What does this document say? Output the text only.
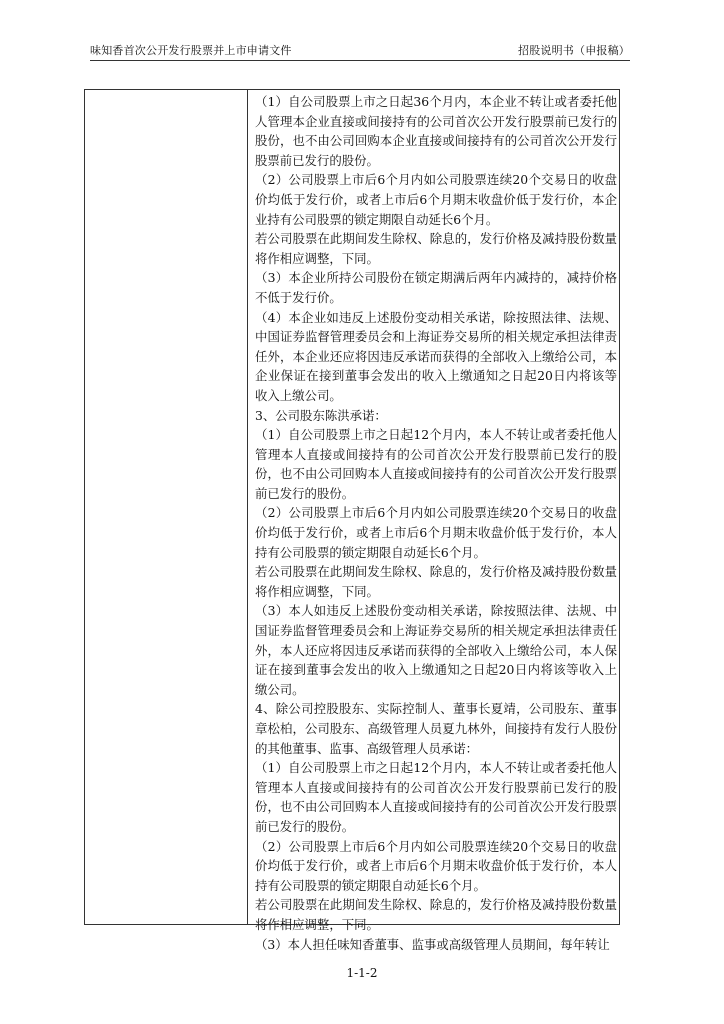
味知香首次公开发行股票并上市申请文件	招股说明书（申报稿）

（1）自公司股票上市之日起36个月内，本企业不转让或者委托他人管理本企业直接或间接持有的公司首次公开发行股票前已发行的股份，也不由公司回购本企业直接或间接持有的公司首次公开发行股票前已发行的股份。

（2）公司股票上市后6个月内如公司股票连续20个交易日的收盘价均低于发行价，或者上市后6个月期末收盘价低于发行价，本企业持有公司股票的锁定期限自动延长6个月。

若公司股票在此期间发生除权、除息的，发行价格及减持股份数量将作相应调整，下同。

（3）本企业所持公司股份在锁定期满后两年内减持的，减持价格不低于发行价。

（4）本企业如违反上述股份变动相关承诺，除按照法律、法规、中国证券监督管理委员会和上海证券交易所的相关规定承担法律责任外，本企业还应将因违反承诺而获得的全部收入上缴给公司，本企业保证在接到董事会发出的收入上缴通知之日起20日内将该等收入上缴公司。

3、公司股东陈洪承诺：

（1）自公司股票上市之日起12个月内，本人不转让或者委托他人管理本人直接或间接持有的公司首次公开发行股票前已发行的股份，也不由公司回购本人直接或间接持有的公司首次公开发行股票前已发行的股份。

（2）公司股票上市后6个月内如公司股票连续20个交易日的收盘价均低于发行价，或者上市后6个月期末收盘价低于发行价，本人持有公司股票的锁定期限自动延长6个月。

若公司股票在此期间发生除权、除息的，发行价格及减持股份数量将作相应调整，下同。

（3）本人如违反上述股份变动相关承诺，除按照法律、法规、中国证券监督管理委员会和上海证券交易所的相关规定承担法律责任外，本人还应将因违反承诺而获得的全部收入上缴给公司，本人保证在接到董事会发出的收入上缴通知之日起20日内将该等收入上缴公司。

4、除公司控股股东、实际控制人、董事长夏靖，公司股东、董事章松柏，公司股东、高级管理人员夏九林外，间接持有发行人股份的其他董事、监事、高级管理人员承诺：

（1）自公司股票上市之日起12个月内，本人不转让或者委托他人管理本人直接或间接持有的公司首次公开发行股票前已发行的股份，也不由公司回购本人直接或间接持有的公司首次公开发行股票前已发行的股份。

（2）公司股票上市后6个月内如公司股票连续20个交易日的收盘价均低于发行价，或者上市后6个月期末收盘价低于发行价，本人持有公司股票的锁定期限自动延长6个月。

若公司股票在此期间发生除权、除息的，发行价格及减持股份数量将作相应调整，下同。

（3）本人担任味知香董事、监事或高级管理人员期间，每年转让

1-1-2
